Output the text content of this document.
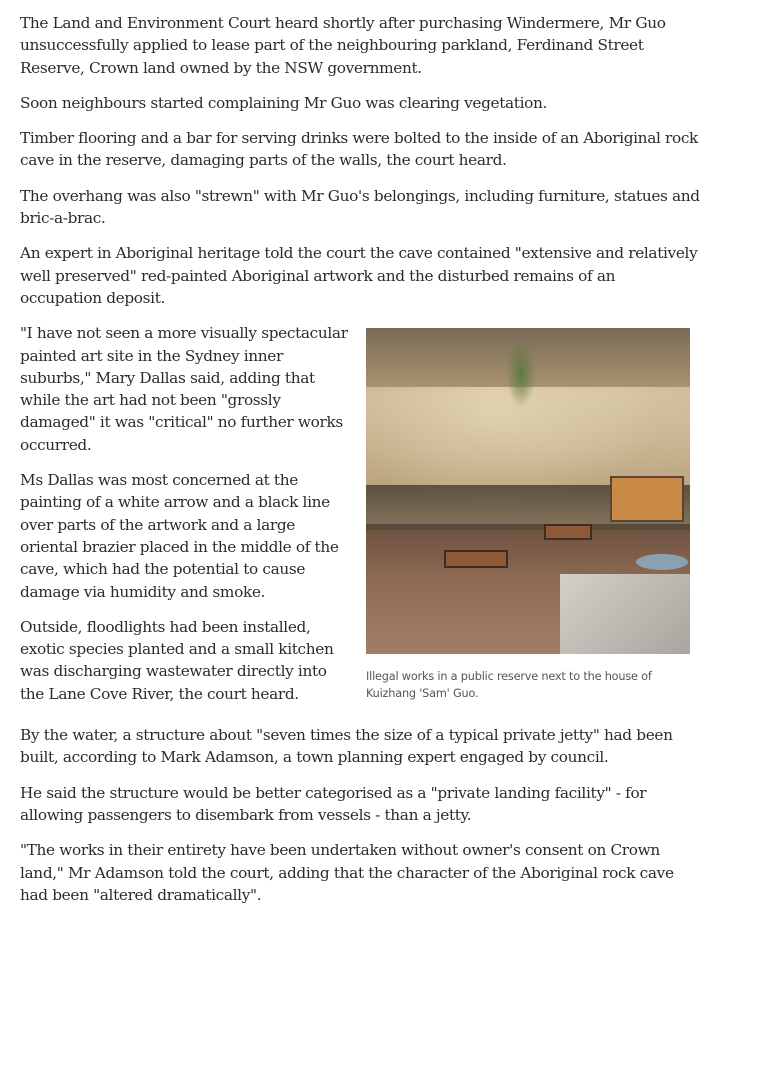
The Land and Environment Court heard shortly after purchasing Windermere, Mr Guo unsuccessfully applied to lease part of the neighbouring parkland, Ferdinand Street Reserve, Crown land owned by the NSW government.

Soon neighbours started complaining Mr Guo was clearing vegetation.

Timber flooring and a bar for serving drinks were bolted to the inside of an Aboriginal rock cave in the reserve, damaging parts of the walls, the court heard.

The overhang was also "strewn" with Mr Guo's belongings, including furniture, statues and bric-a-brac.

An expert in Aboriginal heritage told the court the cave contained "extensive and relatively well preserved" red-painted Aboriginal artwork and the disturbed remains of an occupation deposit.

"I have not seen a more visually spectacular painted art site in the Sydney inner suburbs," Mary Dallas said, adding that while the art had not been "grossly damaged" it was "critical" no further works occurred.

Ms Dallas was most concerned at the painting of a white arrow and a black line over parts of the artwork and a large oriental brazier placed in the middle of the cave, which had the potential to cause damage via humidity and smoke.

Outside, floodlights had been installed, exotic species planted and a small kitchen was discharging wastewater directly into the Lane Cove River, the court heard.

Illegal works in a public reserve next to the house of Kuizhang 'Sam' Guo.

By the water, a structure about "seven times the size of a typical private jetty" had been built, according to Mark Adamson, a town planning expert engaged by council.

He said the structure would be better categorised as a "private landing facility" - for allowing passengers to disembark from vessels - than a jetty.

"The works in their entirety have been undertaken without owner's consent on Crown land," Mr Adamson told the court, adding that the character of the Aboriginal rock cave had been "altered dramatically".
